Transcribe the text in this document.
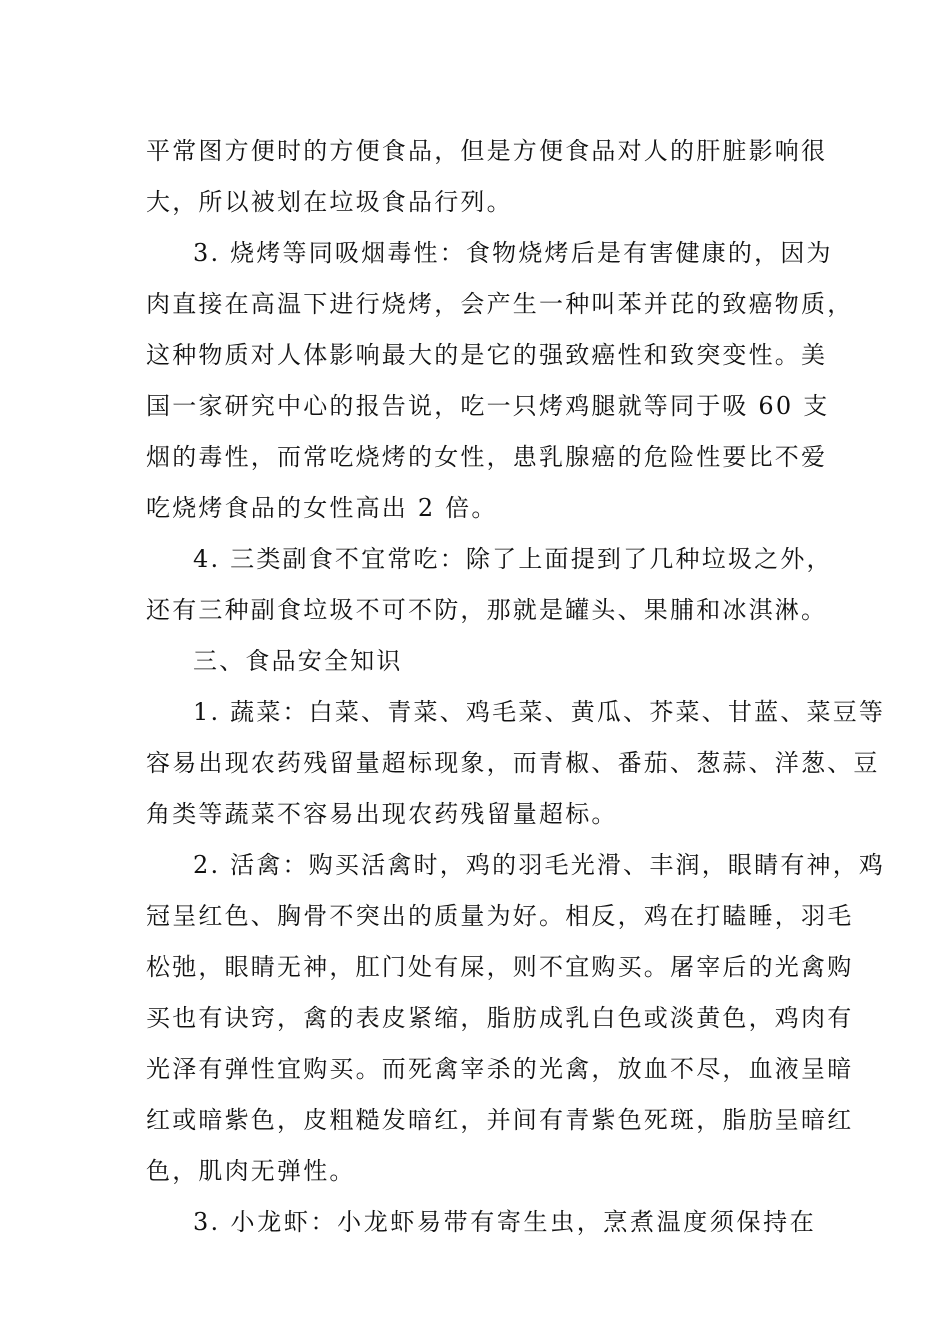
平常图方便时的方便食品，但是方便食品对人的肝脏影响很
大，所以被划在垃圾食品行列。
3. 烧烤等同吸烟毒性：食物烧烤后是有害健康的，因为
肉直接在高温下进行烧烤，会产生一种叫苯并芘的致癌物质，
这种物质对人体影响最大的是它的强致癌性和致突变性。美
国一家研究中心的报告说，吃一只烤鸡腿就等同于吸 60 支
烟的毒性，而常吃烧烤的女性，患乳腺癌的危险性要比不爱
吃烧烤食品的女性高出 2 倍。
4. 三类副食不宜常吃：除了上面提到了几种垃圾之外，
还有三种副食垃圾不可不防，那就是罐头、果脯和冰淇淋。
三、食品安全知识
1. 蔬菜：白菜、青菜、鸡毛菜、黄瓜、芥菜、甘蓝、菜豆等
容易出现农药残留量超标现象，而青椒、番茄、葱蒜、洋葱、豆
角类等蔬菜不容易出现农药残留量超标。
2. 活禽：购买活禽时，鸡的羽毛光滑、丰润，眼睛有神，鸡
冠呈红色、胸骨不突出的质量为好。相反，鸡在打瞌睡，羽毛
松弛，眼睛无神，肛门处有屎，则不宜购买。屠宰后的光禽购
买也有诀窍，禽的表皮紧缩，脂肪成乳白色或淡黄色，鸡肉有
光泽有弹性宜购买。而死禽宰杀的光禽，放血不尽，血液呈暗
红或暗紫色，皮粗糙发暗红，并间有青紫色死斑，脂肪呈暗红
色，肌肉无弹性。
3. 小龙虾：小龙虾易带有寄生虫，烹煮温度须保持在
